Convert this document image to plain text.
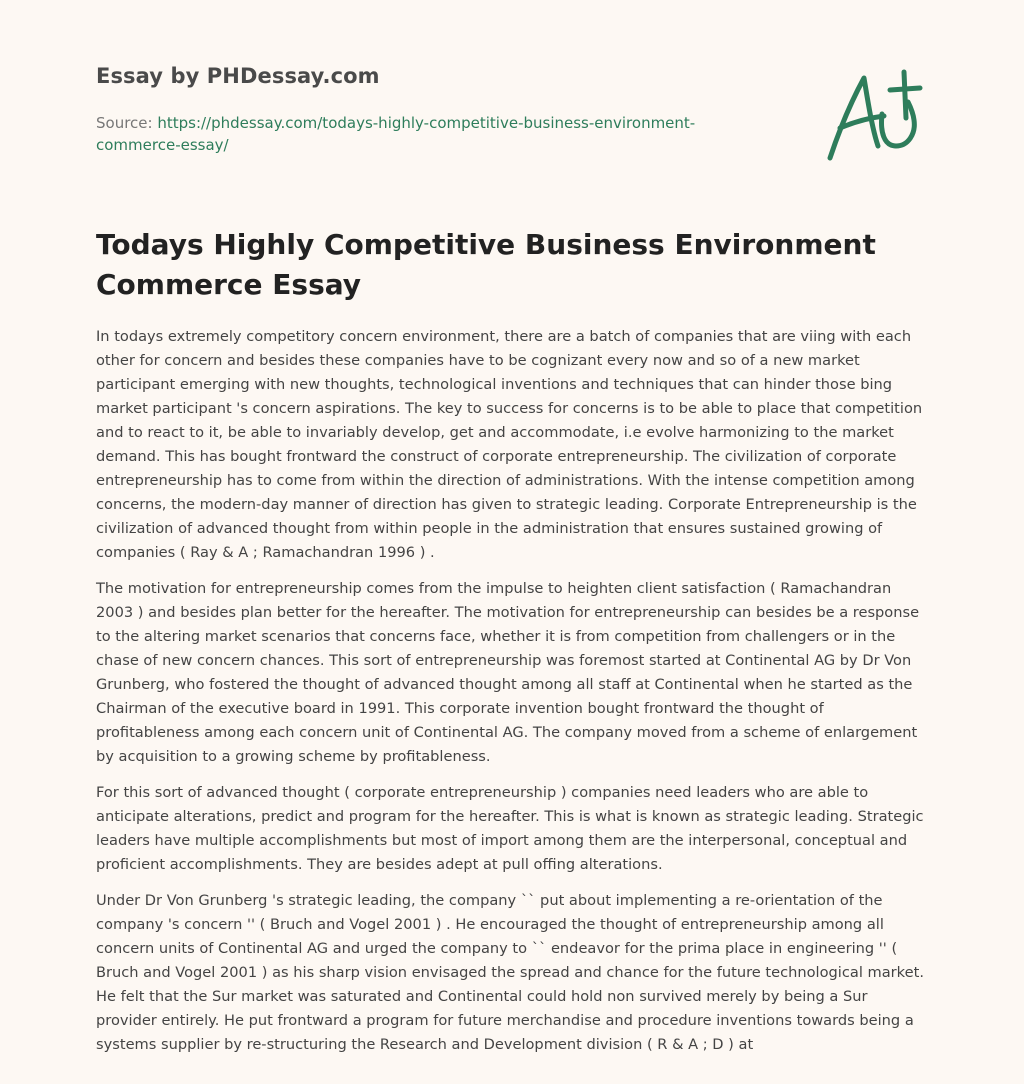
Essay by PHDessay.com
Source: https://phdessay.com/todays-highly-competitive-business-environment-commerce-essay/
Todays Highly Competitive Business Environment Commerce Essay

In todays extremely competitory concern environment, there are a batch of companies that are viing with each other for concern and besides these companies have to be cognizant every now and so of a new market participant emerging with new thoughts, technological inventions and techniques that can hinder those bing market participant 's concern aspirations. The key to success for concerns is to be able to place that competition and to react to it, be able to invariably develop, get and accommodate, i.e evolve harmonizing to the market demand. This has bought frontward the construct of corporate entrepreneurship. The civilization of corporate entrepreneurship has to come from within the direction of administrations. With the intense competition among concerns, the modern-day manner of direction has given to strategic leading. Corporate Entrepreneurship is the civilization of advanced thought from within people in the administration that ensures sustained growing of companies ( Ray & A ; Ramachandran 1996 ) .

The motivation for entrepreneurship comes from the impulse to heighten client satisfaction ( Ramachandran 2003 ) and besides plan better for the hereafter. The motivation for entrepreneurship can besides be a response to the altering market scenarios that concerns face, whether it is from competition from challengers or in the chase of new concern chances. This sort of entrepreneurship was foremost started at Continental AG by Dr Von Grunberg, who fostered the thought of advanced thought among all staff at Continental when he started as the Chairman of the executive board in 1991. This corporate invention bought frontward the thought of profitableness among each concern unit of Continental AG. The company moved from a scheme of enlargement by acquisition to a growing scheme by profitableness.

For this sort of advanced thought ( corporate entrepreneurship ) companies need leaders who are able to anticipate alterations, predict and program for the hereafter. This is what is known as strategic leading. Strategic leaders have multiple accomplishments but most of import among them are the interpersonal, conceptual and proficient accomplishments. They are besides adept at pull offing alterations.

Under Dr Von Grunberg 's strategic leading, the company `` put about implementing a re-orientation of the company 's concern '' ( Bruch and Vogel 2001 ) . He encouraged the thought of entrepreneurship among all concern units of Continental AG and urged the company to `` endeavor for the prima place in engineering '' ( Bruch and Vogel 2001 ) as his sharp vision envisaged the spread and chance for the future technological market. He felt that the Sur market was saturated and Continental could hold non survived merely by being a Sur provider entirely. He put frontward a program for future merchandise and procedure inventions towards being a systems supplier by re-structuring the Research and Development division ( R & A ; D ) at
